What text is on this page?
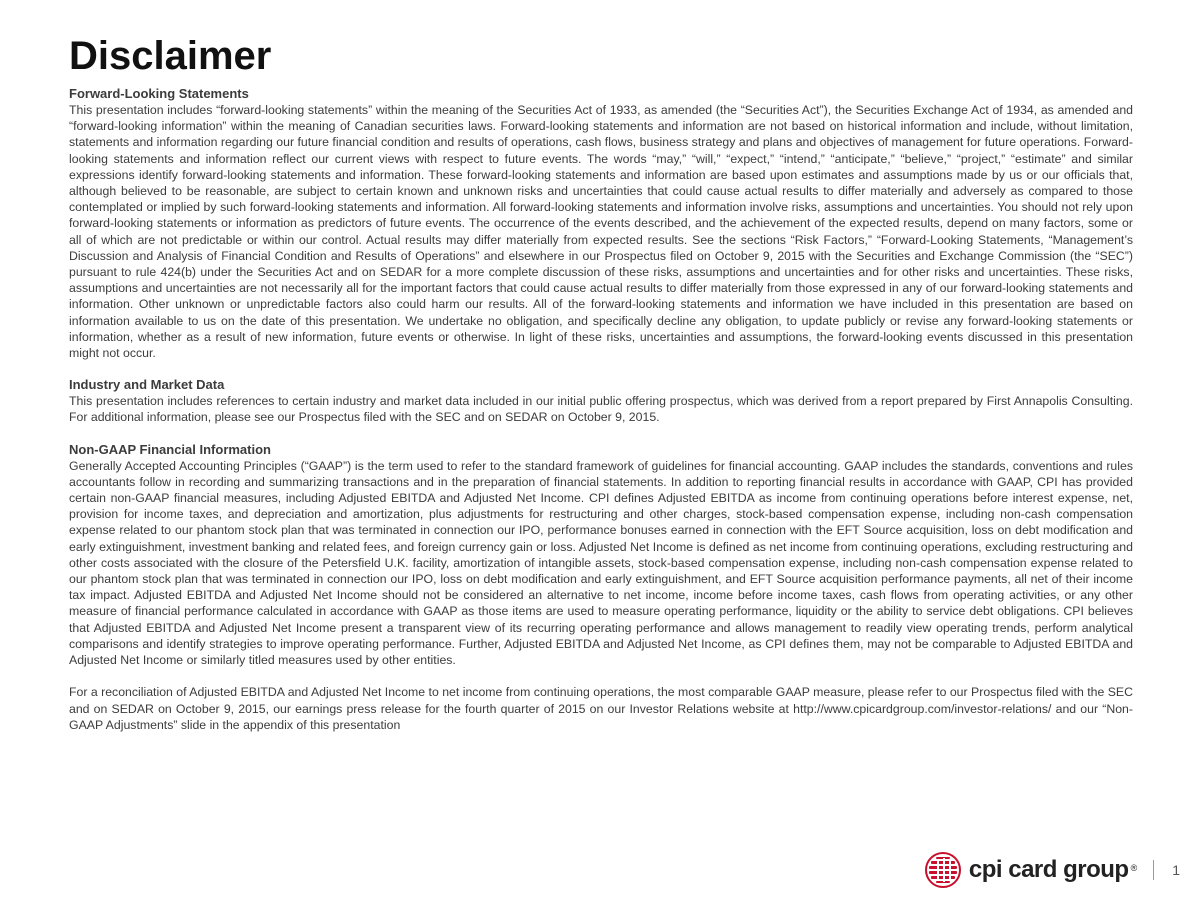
Disclaimer

Forward-Looking Statements

This presentation includes “forward-looking statements” within the meaning of the Securities Act of 1933, as amended (the “Securities Act”), the Securities Exchange Act of 1934, as amended and “forward-looking information” within the meaning of Canadian securities laws. Forward-looking statements and information are not based on historical information and include, without limitation, statements and information regarding our future financial condition and results of operations, cash flows, business strategy and plans and objectives of management for future operations. Forward-looking statements and information reflect our current views with respect to future events. The words “may,” “will,” “expect,” “intend,” “anticipate,” “believe,” “project,” “estimate” and similar expressions identify forward-looking statements and information. These forward-looking statements and information are based upon estimates and assumptions made by us or our officials that, although believed to be reasonable, are subject to certain known and unknown risks and uncertainties that could cause actual results to differ materially and adversely as compared to those contemplated or implied by such forward-looking statements and information. All forward-looking statements and information involve risks, assumptions and uncertainties. You should not rely upon forward-looking statements or information as predictors of future events. The occurrence of the events described, and the achievement of the expected results, depend on many factors, some or all of which are not predictable or within our control. Actual results may differ materially from expected results. See the sections “Risk Factors,” “Forward-Looking Statements, “Management’s Discussion and Analysis of Financial Condition and Results of Operations” and elsewhere in our Prospectus filed on October 9, 2015 with the Securities and Exchange Commission (the “SEC”) pursuant to rule 424(b) under the Securities Act and on SEDAR for a more complete discussion of these risks, assumptions and uncertainties and for other risks and uncertainties. These risks, assumptions and uncertainties are not necessarily all for the important factors that could cause actual results to differ materially from those expressed in any of our forward-looking statements and information. Other unknown or unpredictable factors also could harm our results. All of the forward-looking statements and information we have included in this presentation are based on information available to us on the date of this presentation. We undertake no obligation, and specifically decline any obligation, to update publicly or revise any forward-looking statements or information, whether as a result of new information, future events or otherwise. In light of these risks, uncertainties and assumptions, the forward-looking events discussed in this presentation might not occur.

Industry and Market Data

This presentation includes references to certain industry and market data included in our initial public offering prospectus, which was derived from a report prepared by First Annapolis Consulting. For additional information, please see our Prospectus filed with the SEC and on SEDAR on October 9, 2015.

Non-GAAP Financial Information

Generally Accepted Accounting Principles (“GAAP”) is the term used to refer to the standard framework of guidelines for financial accounting. GAAP includes the standards, conventions and rules accountants follow in recording and summarizing transactions and in the preparation of financial statements. In addition to reporting financial results in accordance with GAAP, CPI has provided certain non-GAAP financial measures, including Adjusted EBITDA and Adjusted Net Income. CPI defines Adjusted EBITDA as income from continuing operations before interest expense, net, provision for income taxes, and depreciation and amortization, plus adjustments for restructuring and other charges, stock-based compensation expense, including non-cash compensation expense related to our phantom stock plan that was terminated in connection our IPO, performance bonuses earned in connection with the EFT Source acquisition, loss on debt modification and early extinguishment, investment banking and related fees, and foreign currency gain or loss. Adjusted Net Income is defined as net income from continuing operations, excluding restructuring and other costs associated with the closure of the Petersfield U.K. facility, amortization of intangible assets, stock-based compensation expense, including non-cash compensation expense related to our phantom stock plan that was terminated in connection our IPO, loss on debt modification and early extinguishment, and EFT Source acquisition performance payments, all net of their income tax impact. Adjusted EBITDA and Adjusted Net Income should not be considered an alternative to net income, income before income taxes, cash flows from operating activities, or any other measure of financial performance calculated in accordance with GAAP as those items are used to measure operating performance, liquidity or the ability to service debt obligations. CPI believes that Adjusted EBITDA and Adjusted Net Income present a transparent view of its recurring operating performance and allows management to readily view operating trends, perform analytical comparisons and identify strategies to improve operating performance. Further, Adjusted EBITDA and Adjusted Net Income, as CPI defines them, may not be comparable to Adjusted EBITDA and Adjusted Net Income or similarly titled measures used by other entities.

For a reconciliation of Adjusted EBITDA and Adjusted Net Income to net income from continuing operations, the most comparable GAAP measure, please refer to our Prospectus filed with the SEC and on SEDAR on October 9, 2015, our earnings press release for the fourth quarter of 2015 on our Investor Relations website at http://www.cpicardgroup.com/investor-relations/ and our “Non-GAAP Adjustments” slide in the appendix of this presentation

cpi card group ®	1
